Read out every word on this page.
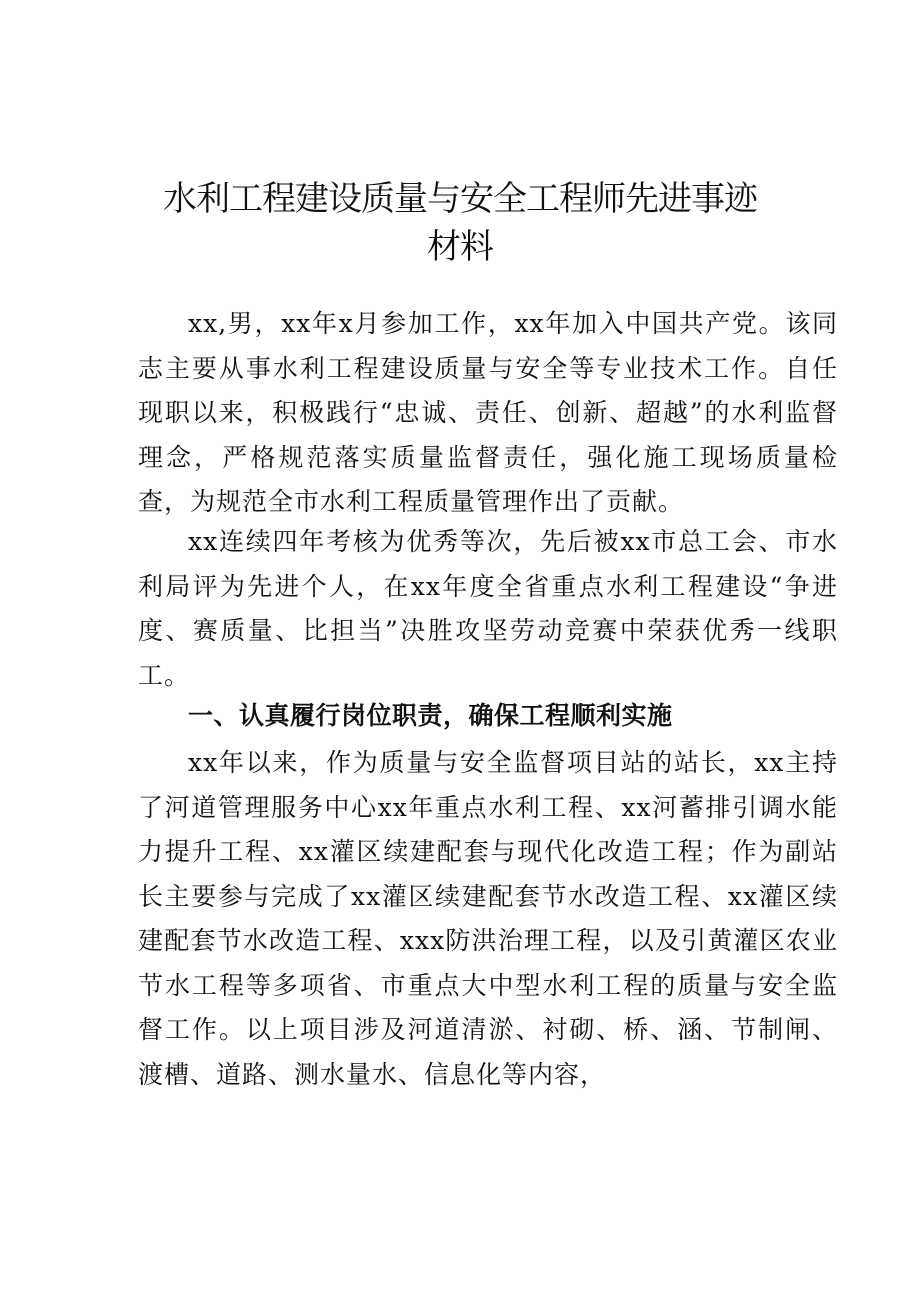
水利工程建设质量与安全工程师先进事迹
材料
xx,男，xx年x月参加工作，xx年加入中国共产党。该同志主要从事水利工程建设质量与安全等专业技术工作。自任现职以来，积极践行“忠诚、责任、创新、超越”的水利监督理念，严格规范落实质量监督责任，强化施工现场质量检查，为规范全市水利工程质量管理作出了贡献。
xx连续四年考核为优秀等次，先后被xx市总工会、市水利局评为先进个人，在xx年度全省重点水利工程建设“争进度、赛质量、比担当”决胜攻坚劳动竞赛中荣获优秀一线职工。
一、认真履行岗位职责，确保工程顺利实施
xx年以来，作为质量与安全监督项目站的站长，xx主持了河道管理服务中心xx年重点水利工程、xx河蓄排引调水能力提升工程、xx灌区续建配套与现代化改造工程；作为副站长主要参与完成了xx灌区续建配套节水改造工程、xx灌区续建配套节水改造工程、xxx防洪治理工程，以及引黄灌区农业节水工程等多项省、市重点大中型水利工程的质量与安全监督工作。以上项目涉及河道清淤、衬砌、桥、涵、节制闸、渡槽、道路、测水量水、信息化等内容，
